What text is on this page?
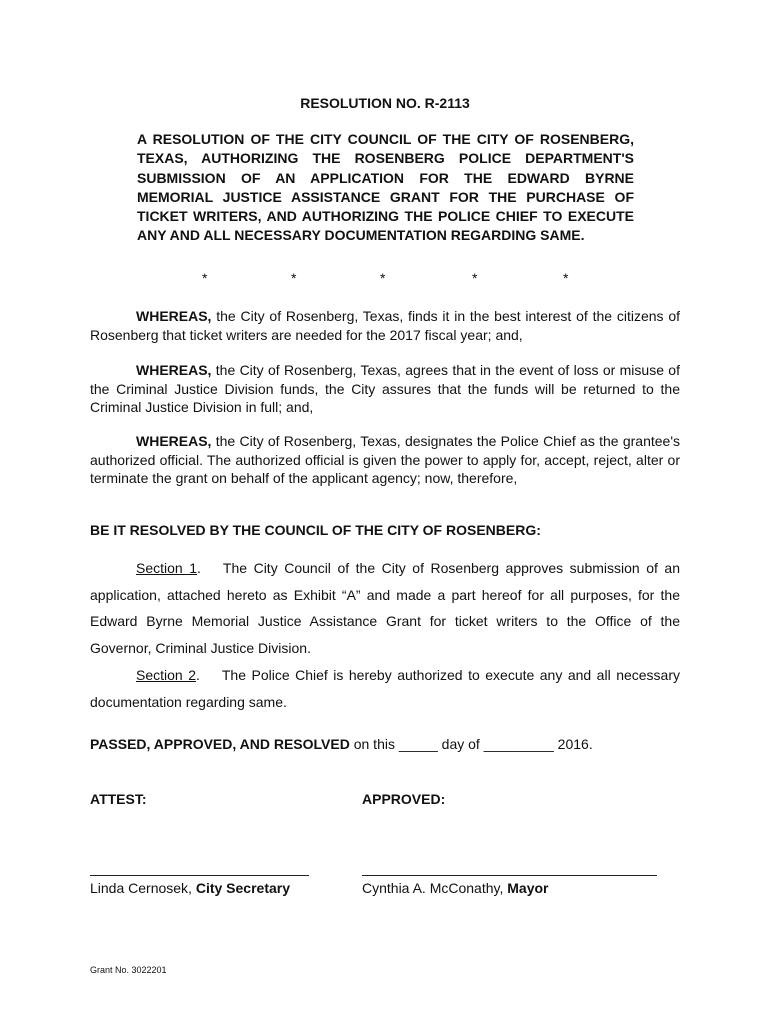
RESOLUTION NO. R-2113
A RESOLUTION OF THE CITY COUNCIL OF THE CITY OF ROSENBERG, TEXAS, AUTHORIZING THE ROSENBERG POLICE DEPARTMENT'S SUBMISSION OF AN APPLICATION FOR THE EDWARD BYRNE MEMORIAL JUSTICE ASSISTANCE GRANT FOR THE PURCHASE OF TICKET WRITERS, AND AUTHORIZING THE POLICE CHIEF TO EXECUTE ANY AND ALL NECESSARY DOCUMENTATION REGARDING SAME.
*	*	*	*	*

WHEREAS, the City of Rosenberg, Texas, finds it in the best interest of the citizens of Rosenberg that ticket writers are needed for the 2017 fiscal year; and,

WHEREAS, the City of Rosenberg, Texas, agrees that in the event of loss or misuse of the Criminal Justice Division funds, the City assures that the funds will be returned to the Criminal Justice Division in full; and,

WHEREAS, the City of Rosenberg, Texas, designates the Police Chief as the grantee's authorized official. The authorized official is given the power to apply for, accept, reject, alter or terminate the grant on behalf of the applicant agency; now, therefore,

BE IT RESOLVED BY THE COUNCIL OF THE CITY OF ROSENBERG:

Section 1. The City Council of the City of Rosenberg approves submission of an application, attached hereto as Exhibit “A” and made a part hereof for all purposes, for the Edward Byrne Memorial Justice Assistance Grant for ticket writers to the Office of the Governor, Criminal Justice Division.

Section 2. The Police Chief is hereby authorized to execute any and all necessary documentation regarding same.

PASSED, APPROVED, AND RESOLVED on this _____ day of _________ 2016.
ATTEST:	APPROVED:
Linda Cernosek, City Secretary	Cynthia A. McConathy, Mayor
Grant No. 3022201
